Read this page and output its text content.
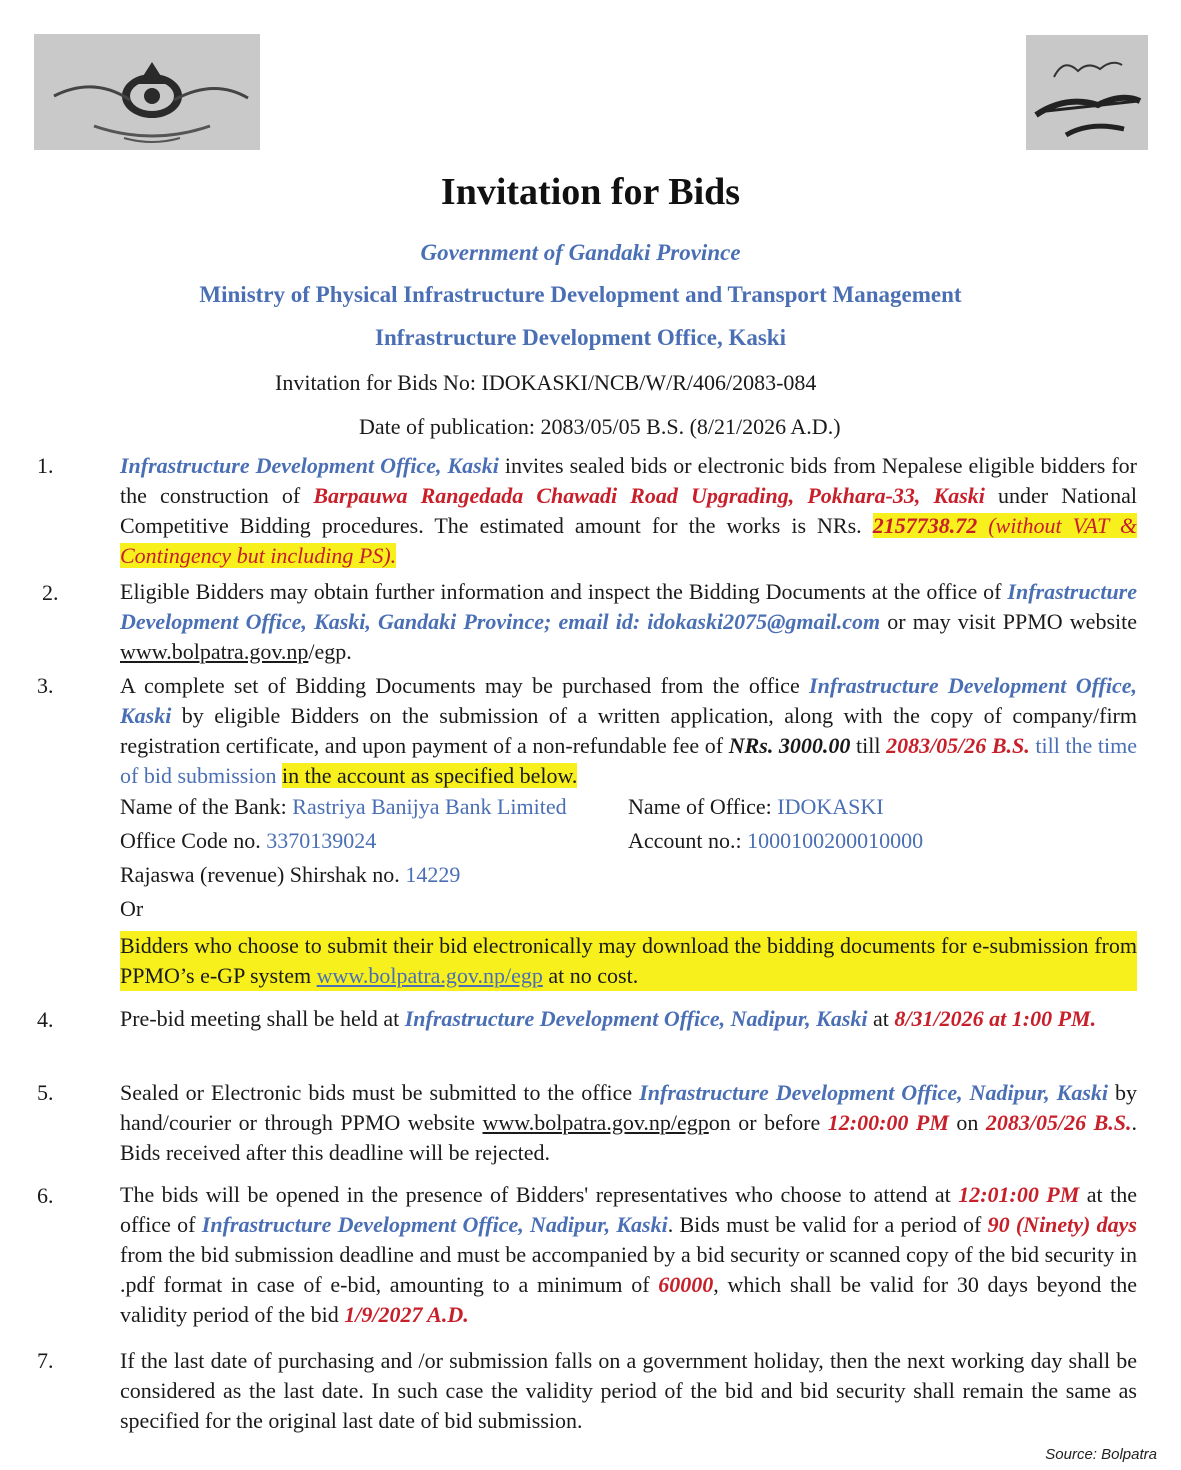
Invitation for Bids
Government of Gandaki Province
Ministry of Physical Infrastructure Development and Transport Management
Infrastructure Development Office, Kaski
Invitation for Bids No: IDOKASKI/NCB/W/R/406/2083-084
Date of publication: 2083/05/05 B.S. (8/21/2026 A.D.)
1.	Infrastructure Development Office, Kaski invites sealed bids or electronic bids from Nepalese eligible bidders for the construction of Barpauwa Rangedada Chawadi Road Upgrading, Pokhara-33, Kaski under National Competitive Bidding procedures. The estimated amount for the works is NRs. 2157738.72 (without VAT & Contingency but including PS).
2.	Eligible Bidders may obtain further information and inspect the Bidding Documents at the office of Infrastructure Development Office, Kaski, Gandaki Province; email id: idokaski2075@gmail.com or may visit PPMO website www.bolpatra.gov.np/egp.
3.	A complete set of Bidding Documents may be purchased from the office Infrastructure Development Office, Kaski by eligible Bidders on the submission of a written application, along with the copy of company/firm registration certificate, and upon payment of a non-refundable fee of NRs. 3000.00 till 2083/05/26 B.S. till the time of bid submission in the account as specified below.
Name of the Bank: Rastriya Banijya Bank Limited	Name of Office: IDOKASKI
Office Code no. 3370139024	Account no.: 1000100200010000
Rajaswa (revenue) Shirshak no. 14229
Or
Bidders who choose to submit their bid electronically may download the bidding documents for e-submission from PPMO’s e-GP system www.bolpatra.gov.np/egp at no cost.
4.	Pre-bid meeting shall be held at Infrastructure Development Office, Nadipur, Kaski at 8/31/2026 at 1:00 PM.
5.	Sealed or Electronic bids must be submitted to the office Infrastructure Development Office, Nadipur, Kaski by hand/courier or through PPMO website www.bolpatra.gov.np/egpon or before 12:00:00 PM on 2083/05/26 B.S.. Bids received after this deadline will be rejected.
6.	The bids will be opened in the presence of Bidders' representatives who choose to attend at 12:01:00 PM at the office of Infrastructure Development Office, Nadipur, Kaski. Bids must be valid for a period of 90 (Ninety) days from the bid submission deadline and must be accompanied by a bid security or scanned copy of the bid security in .pdf format in case of e-bid, amounting to a minimum of 60000, which shall be valid for 30 days beyond the validity period of the bid 1/9/2027 A.D.
7.	If the last date of purchasing and /or submission falls on a government holiday, then the next working day shall be considered as the last date. In such case the validity period of the bid and bid security shall remain the same as specified for the original last date of bid submission.
Source: Bolpatra
